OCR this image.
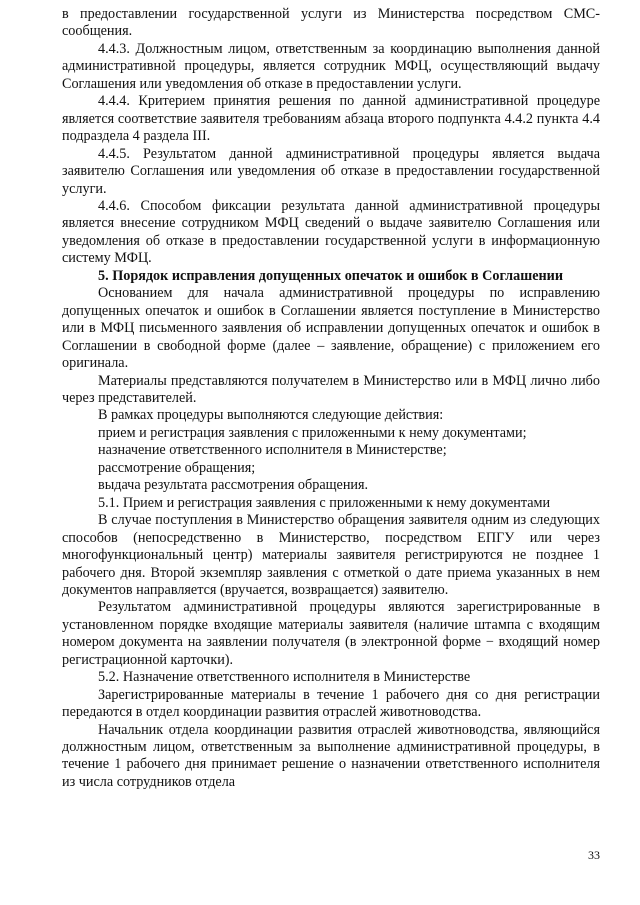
в предоставлении государственной услуги из Министерства посредством СМС-сообщения.

4.4.3. Должностным лицом, ответственным за координацию выполнения данной административной процедуры, является сотрудник МФЦ, осуществляющий выдачу Соглашения или уведомления об отказе в предоставлении услуги.

4.4.4. Критерием принятия решения по данной административной процедуре является соответствие заявителя требованиям абзаца второго подпункта 4.4.2 пункта 4.4 подраздела 4 раздела III.

4.4.5. Результатом данной административной процедуры является выдача заявителю Соглашения или уведомления об отказе в предоставлении государственной услуги.

4.4.6. Способом фиксации результата данной административной процедуры является внесение сотрудником МФЦ сведений о выдаче заявителю Соглашения или уведомления об отказе в предоставлении государственной услуги в информационную систему МФЦ.

5. Порядок исправления допущенных опечаток и ошибок в Соглашении

Основанием для начала административной процедуры по исправлению допущенных опечаток и ошибок в Соглашении является поступление в Министерство или в МФЦ письменного заявления об исправлении допущенных опечаток и ошибок в Соглашении в свободной форме (далее – заявление, обращение) с приложением его оригинала.

Материалы представляются получателем в Министерство или в МФЦ лично либо через представителей.

В рамках процедуры выполняются следующие действия:

прием и регистрация заявления с приложенными к нему документами;

назначение ответственного исполнителя в Министерстве;

рассмотрение обращения;

выдача результата рассмотрения обращения.

5.1. Прием и регистрация заявления с приложенными к нему документами

В случае поступления в Министерство обращения заявителя одним из следующих способов (непосредственно в Министерство, посредством ЕПГУ или через многофункциональный центр) материалы заявителя регистрируются не позднее 1 рабочего дня. Второй экземпляр заявления с отметкой о дате приема указанных в нем документов направляется (вручается, возвращается) заявителю.

Результатом административной процедуры являются зарегистрированные в установленном порядке входящие материалы заявителя (наличие штампа с входящим номером документа на заявлении получателя (в электронной форме − входящий номер регистрационной карточки).

5.2. Назначение ответственного исполнителя в Министерстве

Зарегистрированные материалы в течение 1 рабочего дня со дня регистрации передаются в отдел координации развития отраслей животноводства.

Начальник отдела координации развития отраслей животноводства, являющийся должностным лицом, ответственным за выполнение административной процедуры, в течение 1 рабочего дня принимает решение о назначении ответственного исполнителя из числа сотрудников отдела

33
